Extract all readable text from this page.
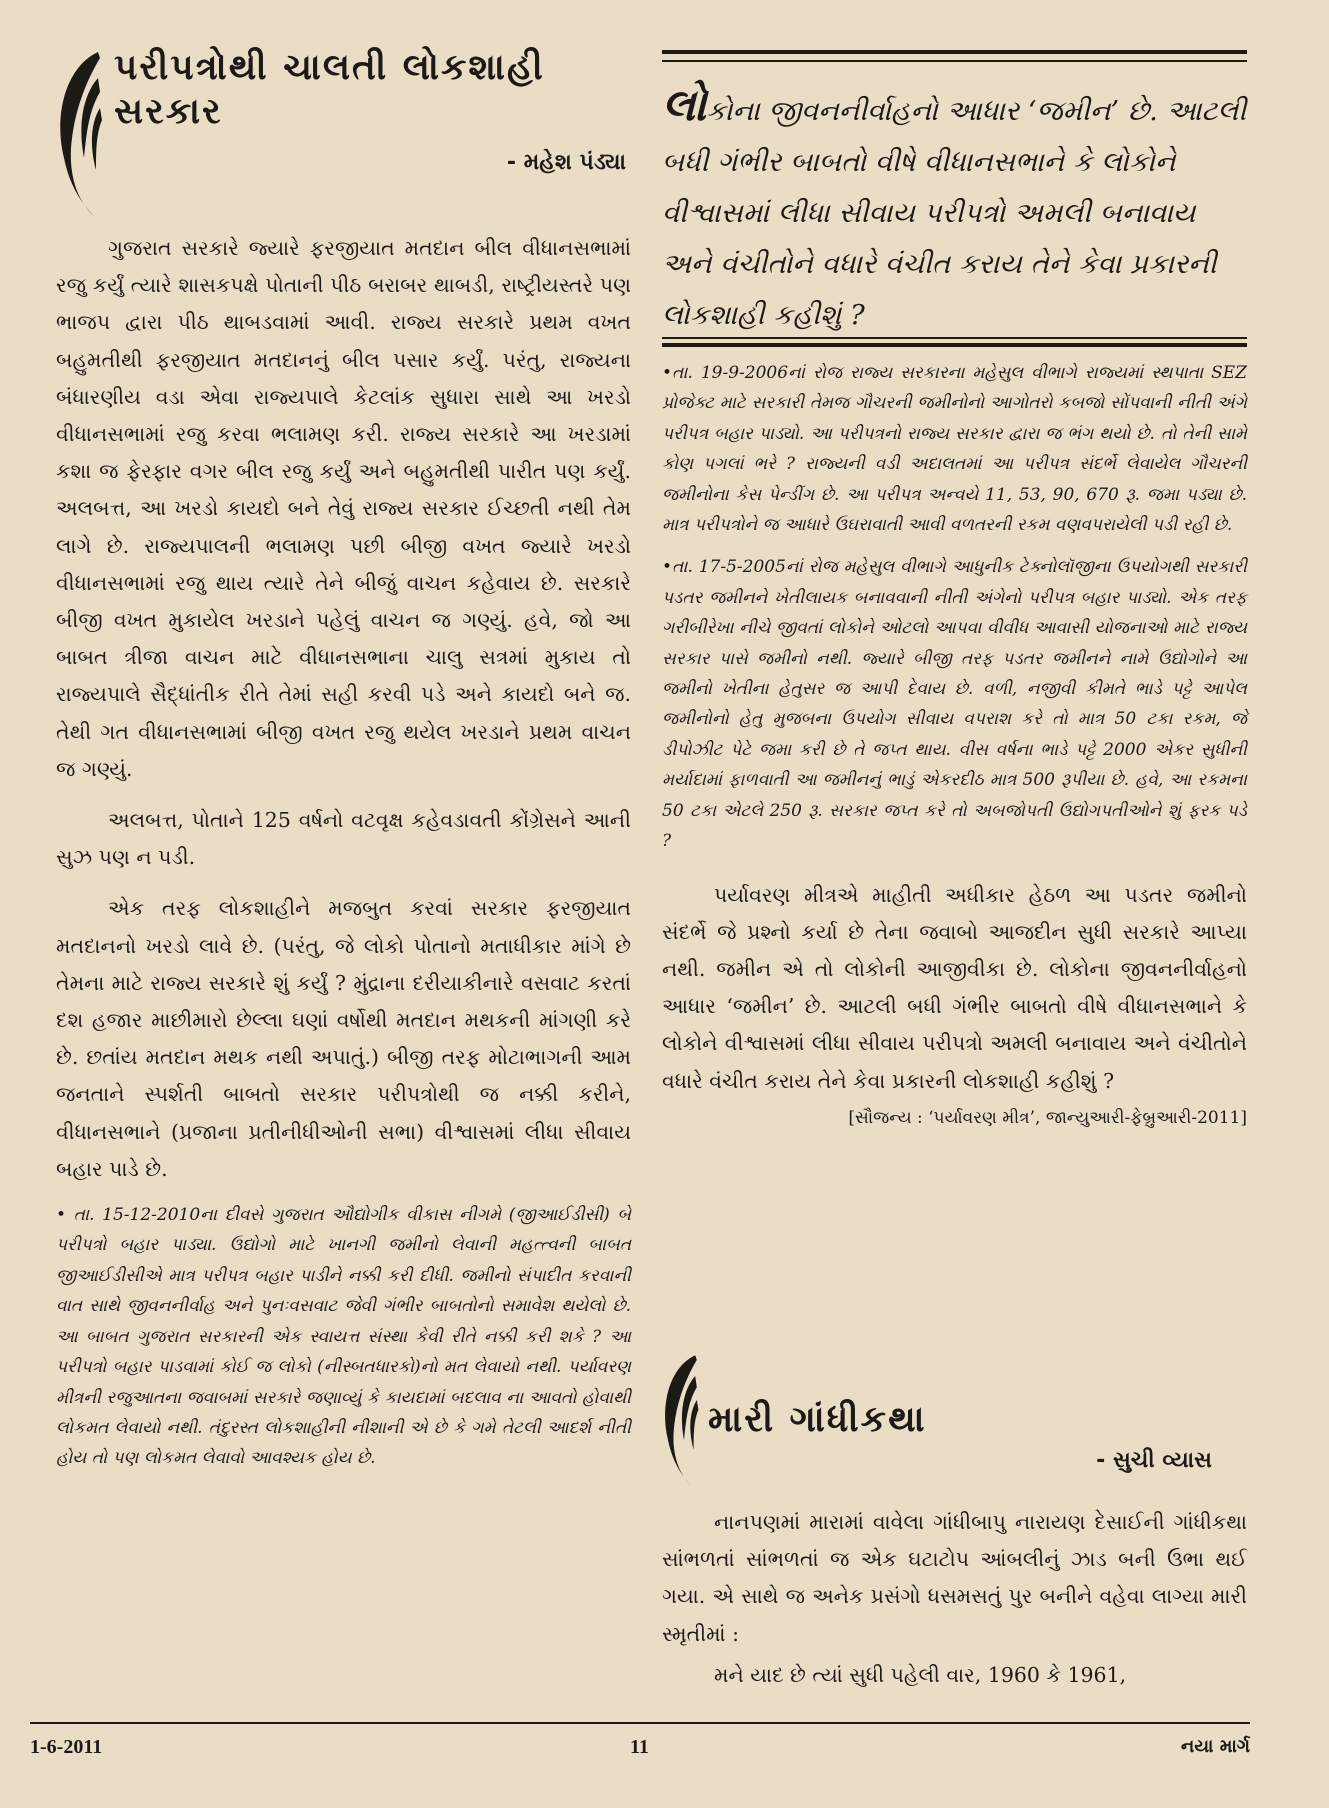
પરીપત્રોથી ચાલતી લોકશાહી
સરકાર
- મહેશ પંડ્યા

ગુજરાત સરકારે જ્યારે ફરજીયાત મતદાન બીલ વીધાનસભામાં રજુ કર્યું ત્યારે શાસકપક્ષે પોતાની પીઠ બરાબર થાબડી, રાષ્ટ્રીયસ્તરે પણ ભાજપ દ્વારા પીઠ થાબડવામાં આવી. રાજ્ય સરકારે પ્રથમ વખત બહુમતીથી ફરજીયાત મતદાનનું બીલ પસાર કર્યું. પરંતુ, રાજ્યના બંધારણીય વડા એવા રાજ્યપાલે કેટલાંક સુધારા સાથે આ ખરડો વીધાનસભામાં રજુ કરવા ભલામણ કરી. રાજ્ય સરકારે આ ખરડામાં કશા જ ફેરફાર વગર બીલ રજુ કર્યું અને બહુમતીથી પારીત પણ કર્યું. અલબત્ત, આ ખરડો કાયદો બને તેવું રાજ્ય સરકાર ઈચ્છતી નથી તેમ લાગે છે. રાજ્યપાલની ભલામણ પછી બીજી વખત જ્યારે ખરડો વીધાનસભામાં રજુ થાય ત્યારે તેને બીજું વાચન કહેવાય છે. સરકારે બીજી વખત મુકાયેલ ખરડાને પહેલું વાચન જ ગણ્યું. હવે, જો આ બાબત ત્રીજા વાચન માટે વીધાનસભાના ચાલુ સત્રમાં મુકાય તો રાજ્યપાલે સૈદ્ધાંતીક રીતે તેમાં સહી કરવી પડે અને કાયદો બને જ. તેથી ગત વીધાનસભામાં બીજી વખત રજુ થયેલ ખરડાને પ્રથમ વાચન જ ગણ્યું.

અલબત્ત, પોતાને 125 વર્ષનો વટવૃક્ષ કહેવડાવતી કોંગ્રેસને આની સુઝ પણ ન પડી.

એક તરફ લોકશાહીને મજબુત કરવાં સરકાર ફરજીયાત મતદાનનો ખરડો લાવે છે. (પરંતુ, જે લોકો પોતાનો મતાધીકાર માંગે છે તેમના માટે રાજ્ય સરકારે શું કર્યું ? મુંદ્રાના દરીયાકીનારે વસવાટ કરતાં દશ હજાર માછીમારો છેલ્લા ઘણાં વર્ષોથી મતદાન મથકની માંગણી કરે છે. છતાંય મતદાન મથક નથી અપાતું.) બીજી તરફ મોટાભાગની આમ જનતાને સ્પર્શતી બાબતો સરકાર પરીપત્રોથી જ નક્કી કરીને, વીધાનસભાને (પ્રજાના પ્રતીનીધીઓની સભા) વીશ્વાસમાં લીધા સીવાય બહાર પાડે છે.

• તા. 15-12-2010ના દીવસે ગુજરાત ઔદ્યોગીક વીકાસ નીગમે (જીઆઈડીસી) બે પરીપત્રો બહાર પાડ્યા. ઉદ્યોગો માટે ખાનગી જમીનો લેવાની મહત્ત્વની બાબત જીઆઈડીસીએ માત્ર પરીપત્ર બહાર પાડીને નક્કી કરી દીધી. જમીનો સંપાદીત કરવાની વાત સાથે જીવનનીર્વાહ અને પુનઃવસવાટ જેવી ગંભીર બાબતોનો સમાવેશ થયેલો છે. આ બાબત ગુજરાત સરકારની એક સ્વાયત્ત સંસ્થા કેવી રીતે નક્કી કરી શકે ? આ પરીપત્રો બહાર પાડવામાં કોઈ જ લોકો (નીસ્બતધારકો)નો મત લેવાયો નથી. પર્યાવરણ મીત્રની રજુઆતના જવાબમાં સરકારે જણાવ્યું કે કાયદામાં બદલાવ ના આવતો હોવાથી લોકમત લેવાયો નથી. તંદુરસ્ત લોકશાહીની નીશાની એ છે કે ગમે તેટલી આદર્શ નીતી હોય તો પણ લોકમત લેવાવો આવશ્યક હોય છે.

લોકોના જીવનનીર્વાહનો આધાર ‘જમીન’ છે. આટલી બધી ગંભીર બાબતો વીષે વીધાનસભાને કે લોકોને વીશ્વાસમાં લીધા સીવાય પરીપત્રો અમલી બનાવાય અને વંચીતોને વધારે વંચીત કરાય તેને કેવા પ્રકારની લોકશાહી કહીશું ?

•તા. 19-9-2006નાં રોજ રાજ્ય સરકારના મહેસુલ વીભાગે રાજ્યમાં સ્થપાતા SEZ પ્રોજેક્ટ માટે સરકારી તેમજ ગૌચરની જમીનોનો આગોતરો કબજો સોંપવાની નીતી અંગે પરીપત્ર બહાર પાડ્યો. આ પરીપત્રનો રાજ્ય સરકાર દ્વારા જ ભંગ થયો છે. તો તેની સામે કોણ પગલાં ભરે ? રાજ્યની વડી અદાલતમાં આ પરીપત્ર સંદર્ભે લેવાયેલ ગૌચરની જમીનોના કેસ પેન્ડીંગ છે. આ પરીપત્ર અન્વયે 11, 53, 90, 670 રૂ. જમા પડ્યા છે. માત્ર પરીપત્રોને જ આધારે ઉઘરાવાતી આવી વળતરની રકમ વણવપરાયેલી પડી રહી છે.

•તા. 17-5-2005નાં રોજ મહેસુલ વીભાગે આધુનીક ટેક્નોલૉજીના ઉપયોગથી સરકારી પડતર જમીનને ખેતીલાયક બનાવવાની નીતી અંગેનો પરીપત્ર બહાર પાડ્યો. એક તરફ ગરીબીરેખા નીચે જીવતાં લોકોને ઓટલો આપવા વીવીધ આવાસી યોજનાઓ માટે રાજ્ય સરકાર પાસે જમીનો નથી. જ્યારે બીજી તરફ પડતર જમીનને નામે ઉદ્યોગોને આ જમીનો ખેતીના હેતુસર જ આપી દેવાય છે. વળી, નજીવી કીમતે ભાડે પટ્ટે આપેલ જમીનોનો હેતુ મુજબના ઉપયોગ સીવાય વપરાશ કરે તો માત્ર 50 ટકા રકમ, જે ડીપોઝીટ પેટે જમા કરી છે તે જપ્ત થાય. વીસ વર્ષના ભાડે પટ્ટે 2000 એકર સુધીની મર્યાદામાં ફાળવાતી આ જમીનનું ભાડું એકરદીઠ માત્ર 500 રૂપીયા છે. હવે, આ રકમના 50 ટકા એટલે 250 રૂ. સરકાર જપ્ત કરે તો અબજોપતી ઉદ્યોગપતીઓને શું ફરક પડે ?

પર્યાવરણ મીત્રએ માહીતી અધીકાર હેઠળ આ પડતર જમીનો સંદર્ભે જે પ્રશ્નો કર્યા છે તેના જવાબો આજદીન સુધી સરકારે આપ્યા નથી. જમીન એ તો લોકોની આજીવીકા છે. લોકોના જીવનનીર્વાહનો આધાર ‘જમીન’ છે. આટલી બધી ગંભીર બાબતો વીષે વીધાનસભાને કે લોકોને વીશ્વાસમાં લીધા સીવાય પરીપત્રો અમલી બનાવાય અને વંચીતોને વધારે વંચીત કરાય તેને કેવા પ્રકારની લોકશાહી કહીશું ?

[સૌજન્ય : ‘પર્યાવરણ મીત્ર’, જાન્યુઆરી-ફેબ્રુઆરી-2011]
મારી ગાંધીકથા
- સુચી વ્યાસ

નાનપણમાં મારામાં વાવેલા ગાંધીબાપુ નારાયણ દેસાઈની ગાંધીકથા સાંભળતાં સાંભળતાં જ એક ઘટાટોપ આંબલીનું ઝાડ બની ઉભા થઈ ગયા. એ સાથે જ અનેક પ્રસંગો ધસમસતું પુર બનીને વહેવા લાગ્યા મારી સ્મૃતીમાં :

મને યાદ છે ત્યાં સુધી પહેલી વાર, 1960 કે 1961,

1-6-2011	11	નયા માર્ગ
